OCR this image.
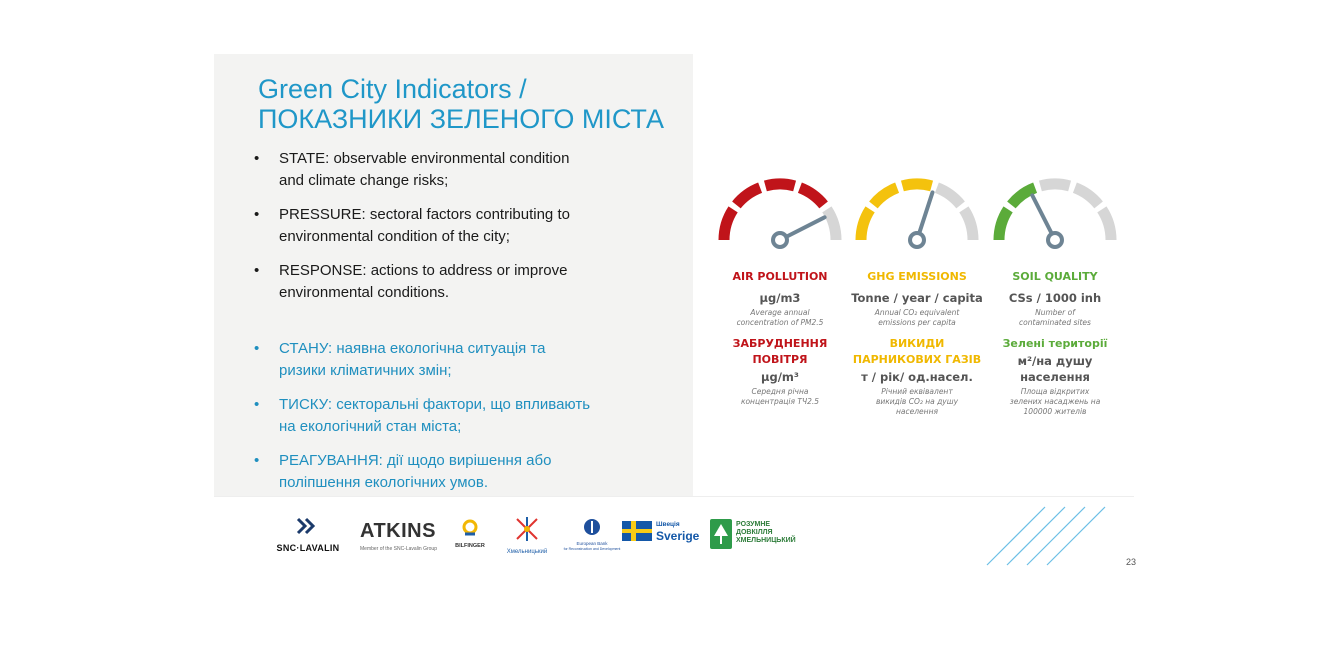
Green City Indicators /
ПОКАЗНИКИ ЗЕЛЕНОГО МІСТА
• STATE: observable environmental condition
and climate change risks;
• PRESSURE: sectoral factors contributing to
environmental condition of the city;
• RESPONSE: actions to address or improve
environmental conditions.
• СТАНУ: наявна екологічна ситуація та
ризики кліматичних змін;
• ТИСКУ: секторальні фактори, що впливають
на екологічний стан міста;
• РЕАГУВАННЯ: дії щодо вирішення або
поліпшення екологічних умов.
AIR POLLUTION
μg/m3
Average annual
concentration of PM2.5
ЗАБРУДНЕННЯ
ПОВІТРЯ
μg/m³
Середня річна
концентрація ТЧ2.5
GHG EMISSIONS
Tonne / year / capita
Annual CO₂ equivalent
emissions per capita
ВИКИДИ
ПАРНИКОВИХ ГАЗІВ
т / рік/ од.насел.
Річний еквівалент
викидів CO₂ на душу
населення
SOIL QUALITY
CSs / 1000 inh
Number of
contaminated sites
Зелені території
м²/на душу
населення
Площа відкритих
зелених насаджень на
100000 жителів
SNC·LAVALIN
ATKINS
Member of the SNC-Lavalin Group	BILFINGER
Хмельницький
European Bank
for Reconstruction and Development
Швеція
Sverige
РОЗУМНЕ
ДОВКІЛЛЯ
ХМЕЛЬНИЦЬКИЙ
23
